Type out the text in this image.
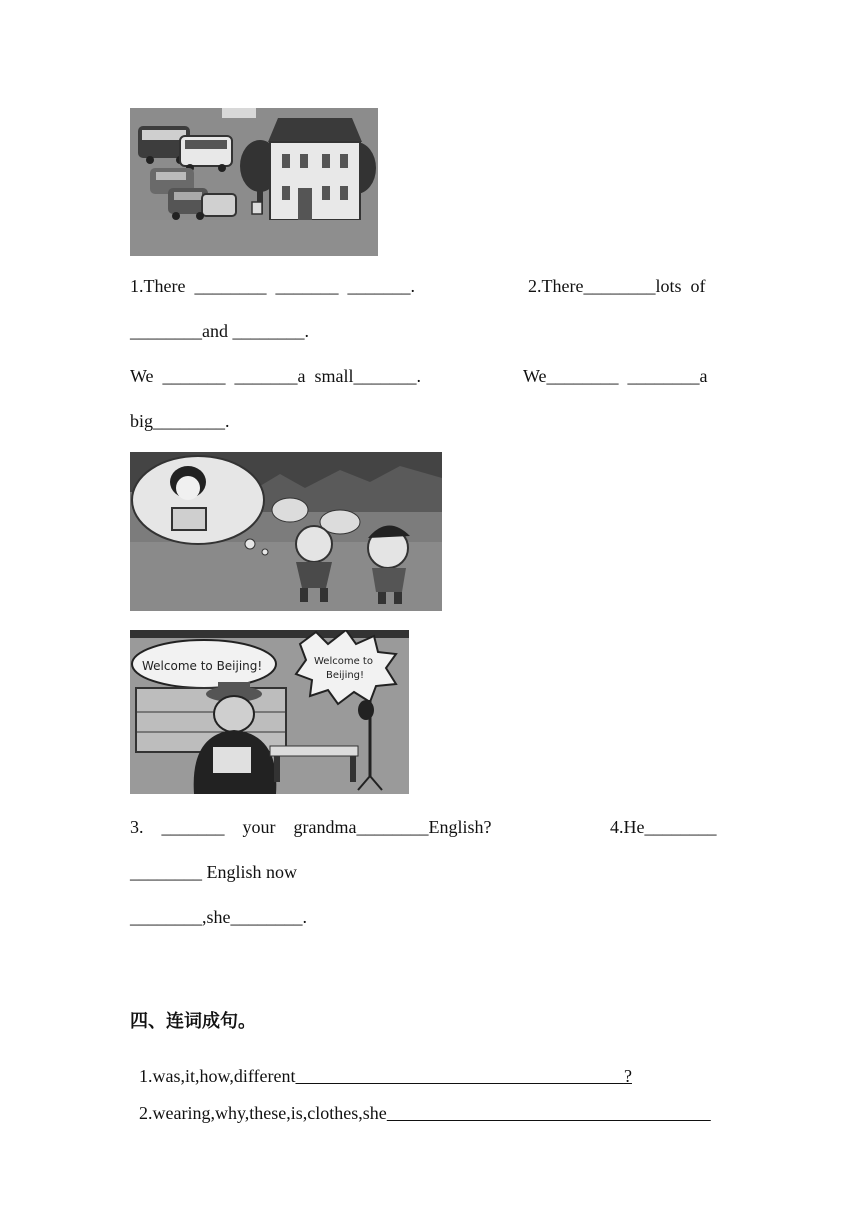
1.There  ________  _______  _______.	2.There________lots  of
________and ________.
We  _______  _______a  small_______.	We________  ________a
big________.
Welcome to Beijing!	Welcome to
Beijing!
3.    _______    your    grandma________English?	4.He________
________ English now
________,she________.
四、连词成句。

1.was,it,how,different	?

2.wearing,why,these,is,clothes,she
